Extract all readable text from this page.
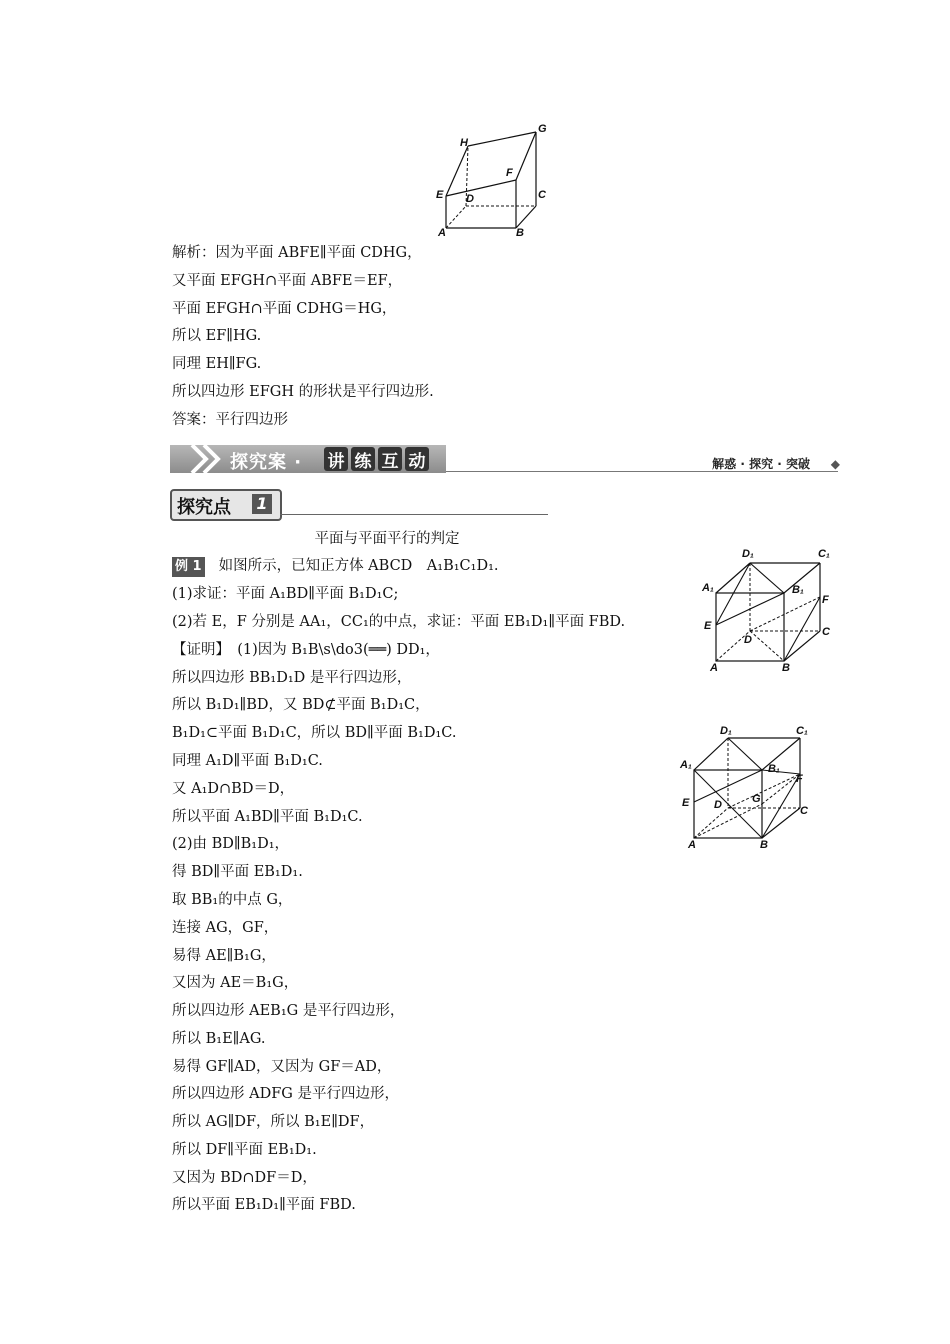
H
G
F
E D	C
A	B
解析：因为平面 ABFE∥平面 CDHG，
又平面 EFGH∩平面 ABFE＝EF，
平面 EFGH∩平面 CDHG＝HG，
所以 EF∥HG.
同理 EH∥FG.
所以四边形 EFGH 的形状是平行四边形.
答案：平行四边形
探究案 · 讲 练 互 动	解惑 · 探究 · 突破 ◆
探究点 1
平面与平面平行的判定
例 1 如图所示，已知正方体 ABCD　A₁B₁C₁D₁.
(1)求证：平面 A₁BD∥平面 B₁D₁C;
(2)若 E，F 分别是 AA₁，CC₁的中点，求证：平面 EB₁D₁∥平面 FBD.
【证明】　(1)因为 B₁B\s\do3(══) DD₁，
所以四边形 BB₁D₁D 是平行四边形，
所以 B₁D₁∥BD，又 BD⊄平面 B₁D₁C，
B₁D₁⊂平面 B₁D₁C，所以 BD∥平面 B₁D₁C.
同理 A₁D∥平面 B₁D₁C.
又 A₁D∩BD＝D，
所以平面 A₁BD∥平面 B₁D₁C.
(2)由 BD∥B₁D₁，
得 BD∥平面 EB₁D₁.
取 BB₁的中点 G，
连接 AG，GF，
易得 AE∥B₁G，
又因为 AE＝B₁G，
所以四边形 AEB₁G 是平行四边形，
所以 B₁E∥AG.
易得 GF∥AD，又因为 GF＝AD，
所以四边形 ADFG 是平行四边形，
所以 AG∥DF，所以 B₁E∥DF，
所以 DF∥平面 EB₁D₁.
又因为 BD∩DF＝D，
所以平面 EB₁D₁∥平面 FBD.
D₁	C₁
A₁	B₁
F
E
D
C
A	B
D₁	C₁
A₁	B₁
F
E D	G
C
A	B
